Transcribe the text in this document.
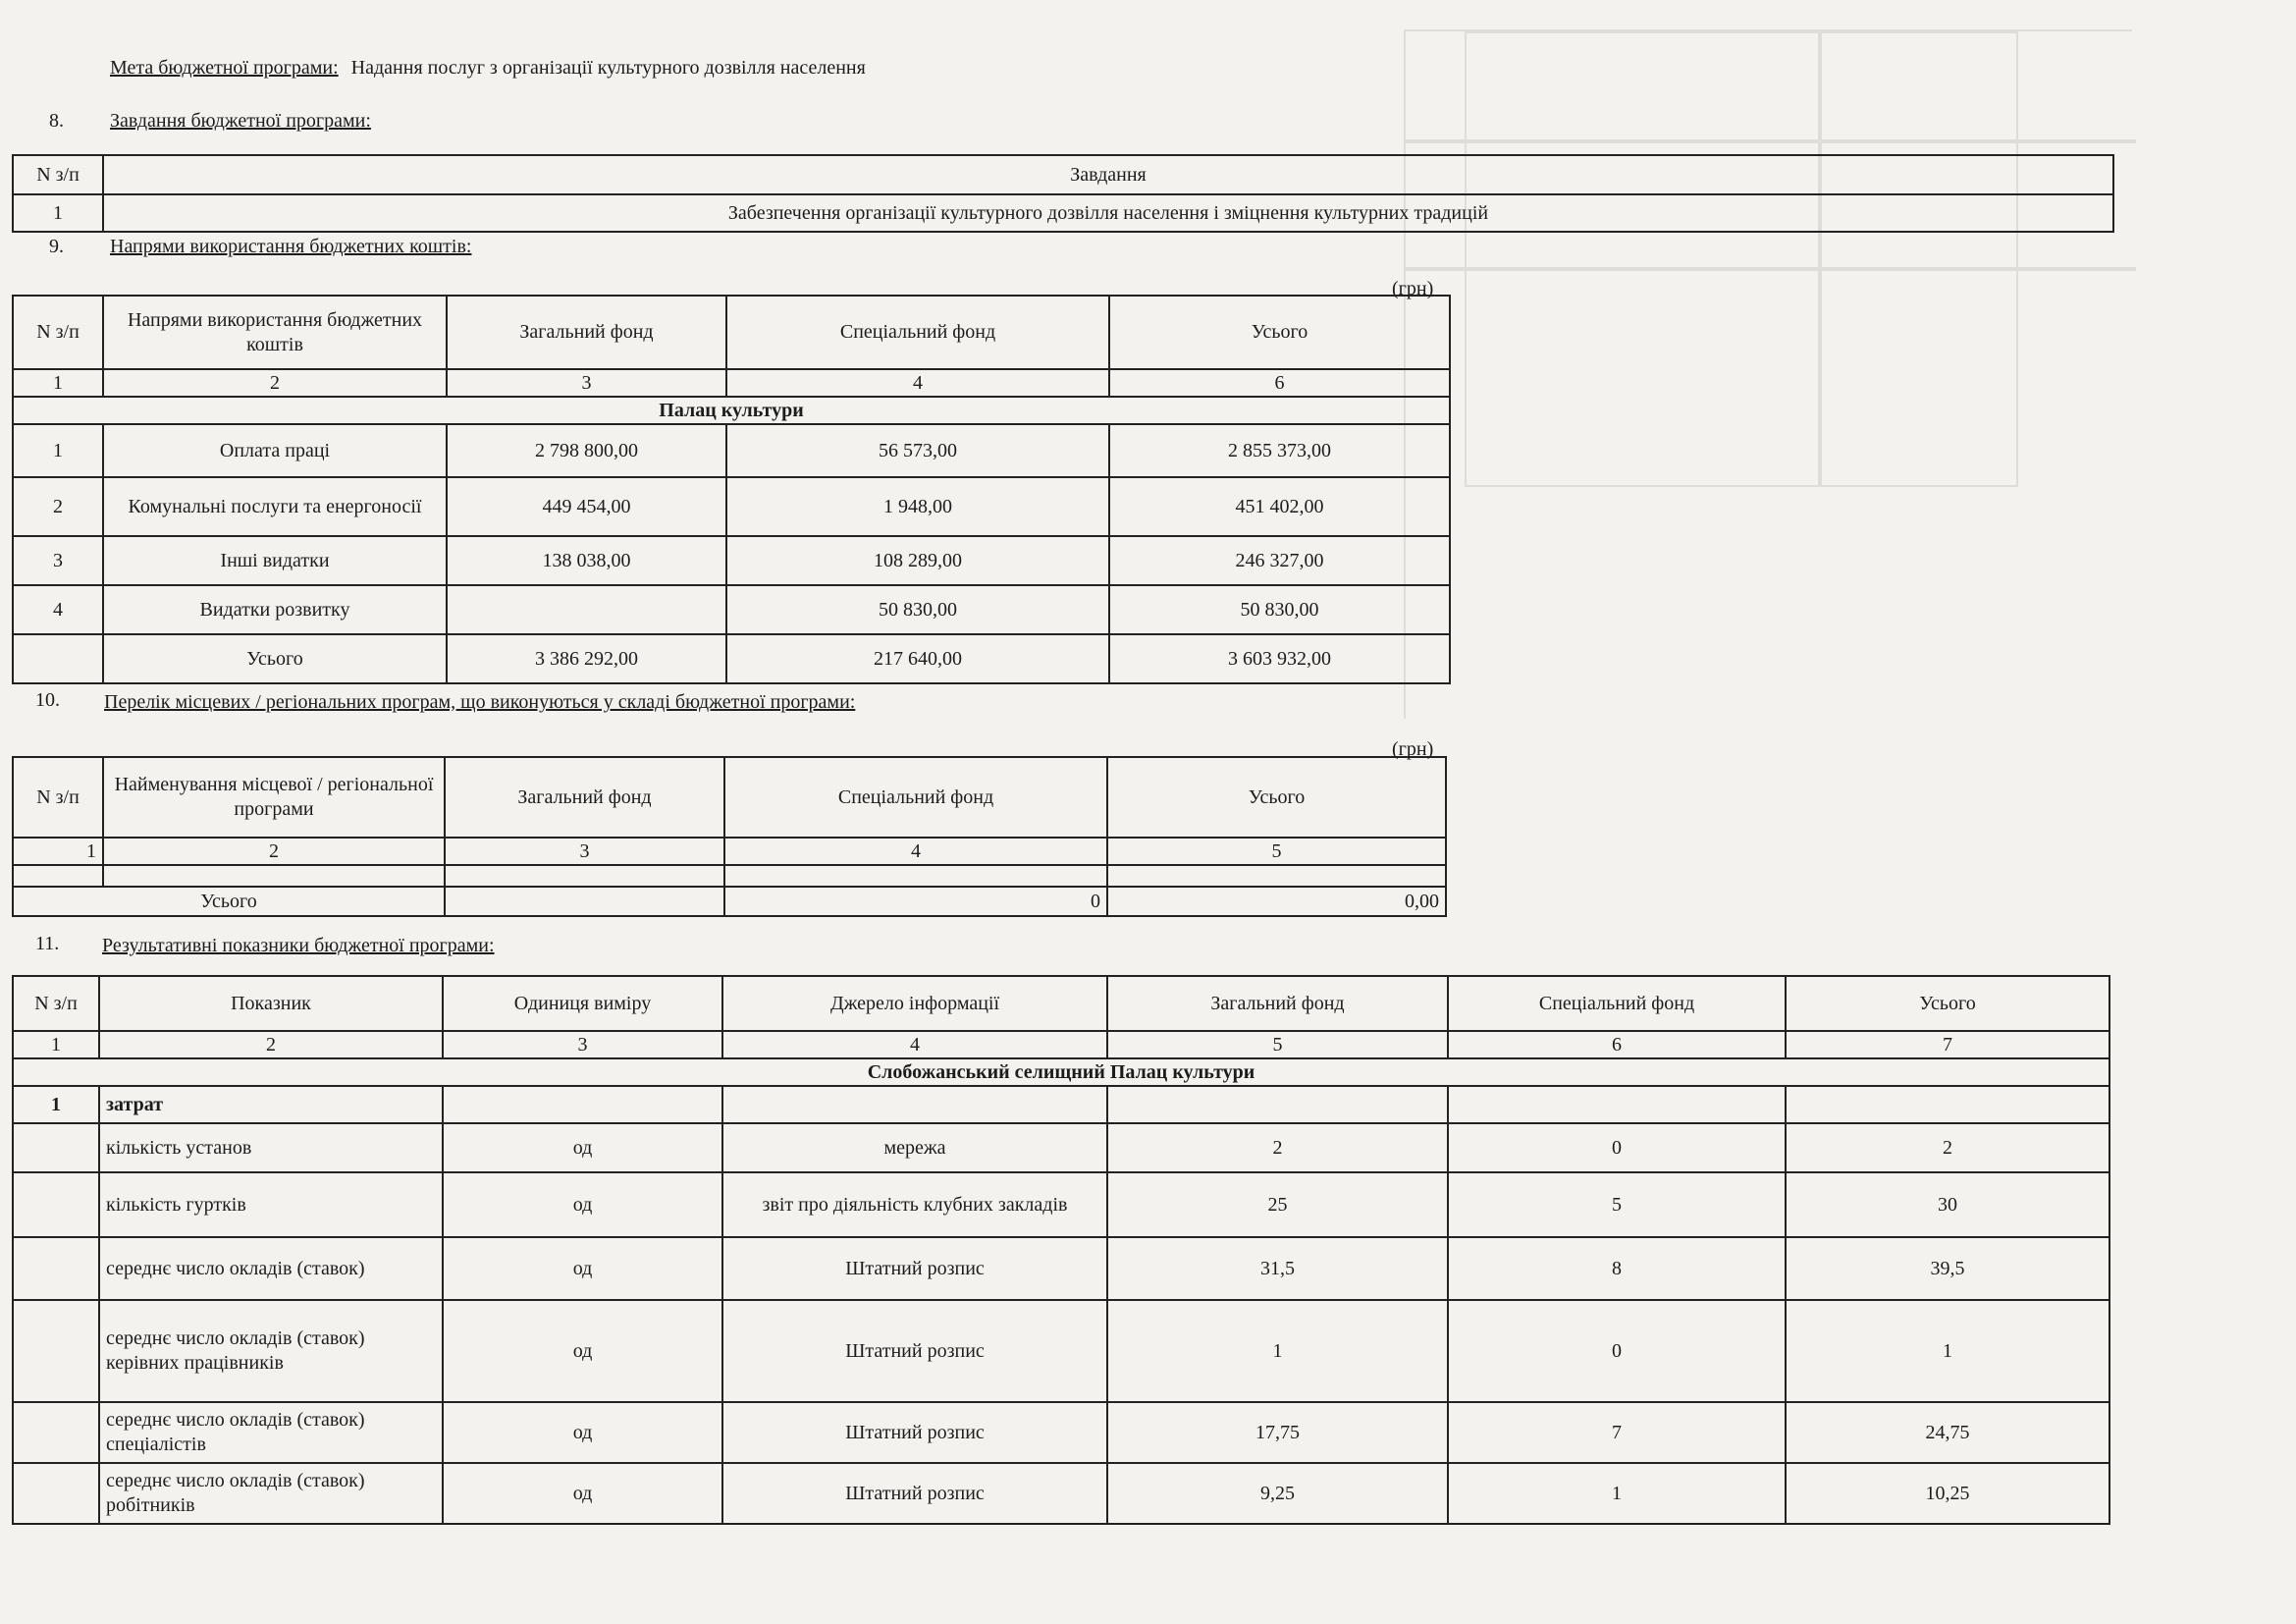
Мета бюджетної програми: Надання послуг з організації культурного дозвілля населення
8. Завдання бюджетної програми:
N з/п	Завдання
1	Забезпечення організації культурного дозвілля населення і зміцнення культурних традицій
9. Напрями використання бюджетних коштів:
(грн)
N з/п	Напрями використання бюджетних коштів	Загальний фонд	Спеціальний фонд	Усього
1	2	3	4	6
Палац культури				
1	Оплата праці	2 798 800,00	56 573,00	2 855 373,00
2	Комунальні послуги та енергоносії	449 454,00	1 948,00	451 402,00
3	Інші видатки	138 038,00	108 289,00	246 327,00
4	Видатки розвитку		50 830,00	50 830,00
	Усього	3 386 292,00	217 640,00	3 603 932,00
10. Перелік місцевих / регіональних програм, що виконуються у складі бюджетної програми:
(грн)
N з/п	Найменування місцевої / регіональної програми	Загальний фонд	Спеціальний фонд	Усього
1	2	3	4	5

Усього			0	0,00
11. Результативні показники бюджетної програми:
N з/п	Показник	Одиниця виміру	Джерело інформації	Загальний фонд	Спеціальний фонд	Усього
1	2	3	4	5	6	7
Слобожанський селищний Палац культури						
1	затрат					
	кількість установ	од	мережа	2	0	2
	кількість гуртків	од	звіт про діяльність клубних закладів	25	5	30
	середнє число окладів (ставок)	од	Штатний розпис	31,5	8	39,5
	середнє число окладів (ставок) керівних працівників	од	Штатний розпис	1	0	1
	середнє число окладів (ставок) спеціалістів	од	Штатний розпис	17,75	7	24,75
	середнє число окладів (ставок) робітників	од	Штатний розпис	9,25	1	10,25
